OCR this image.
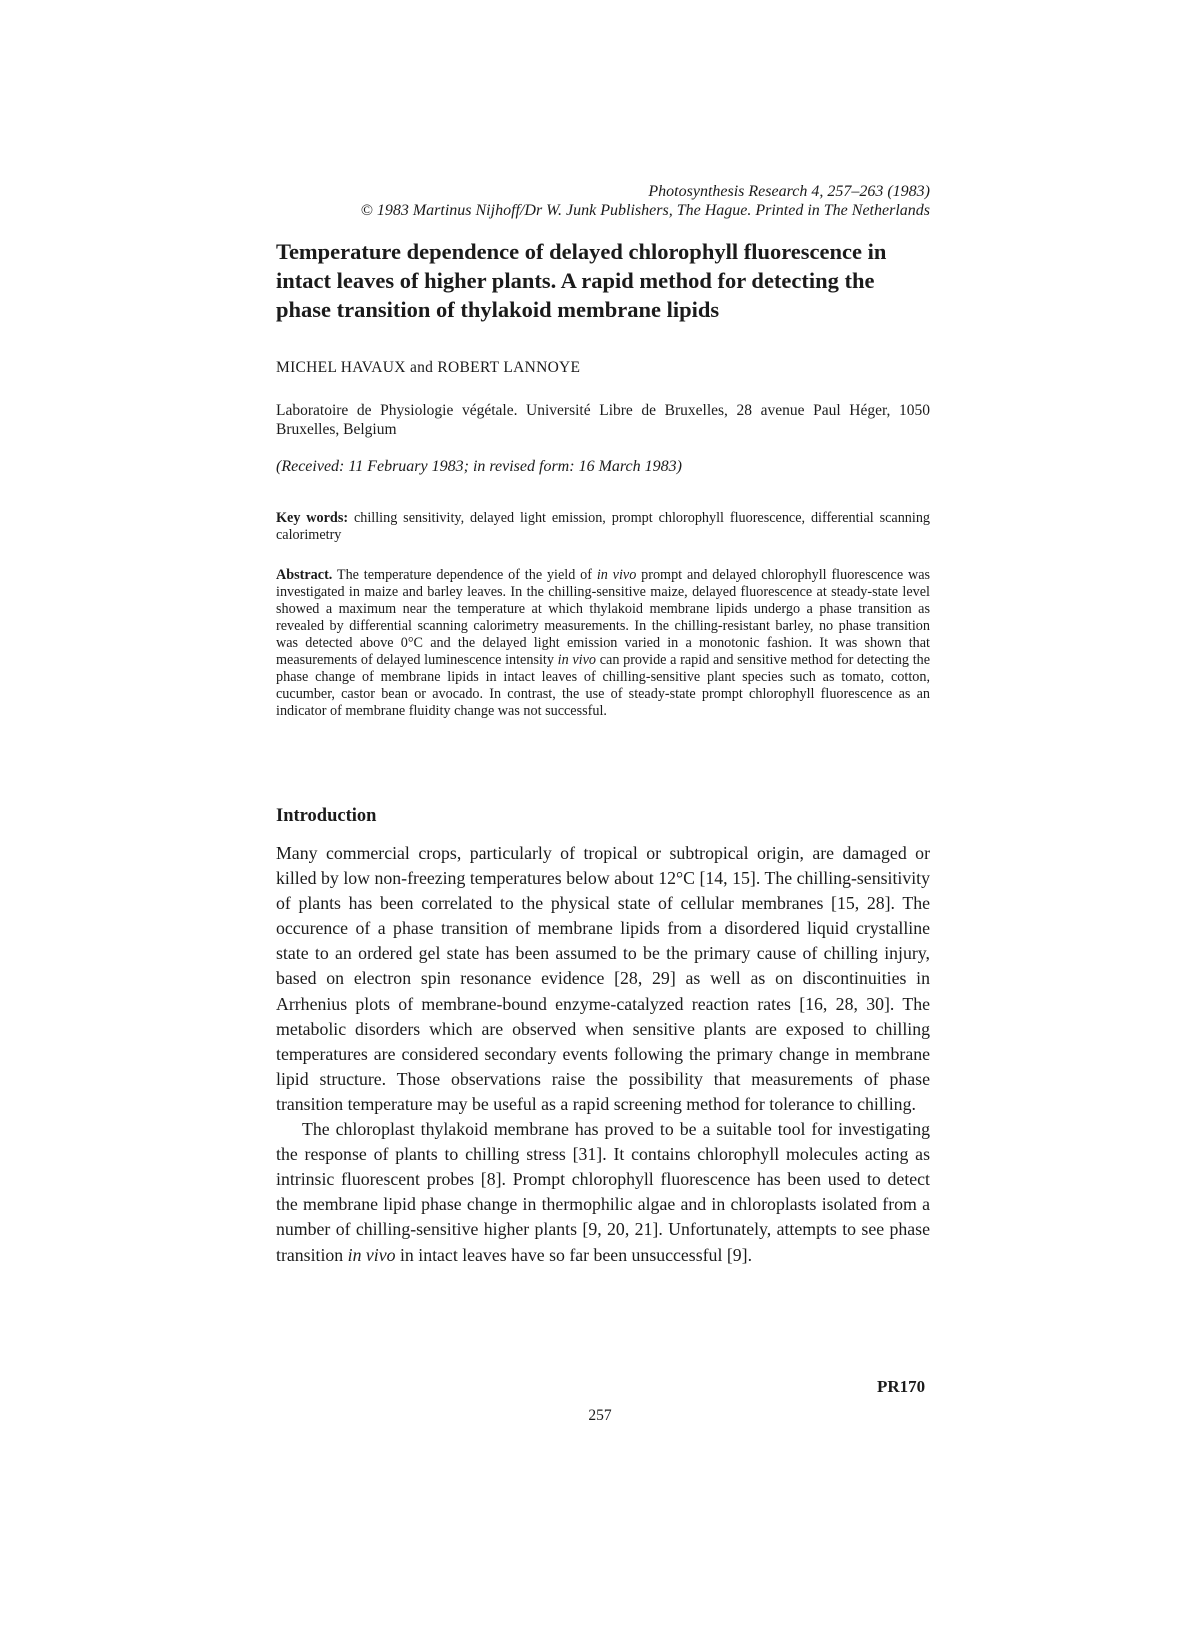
Photosynthesis Research 4, 257–263 (1983)
© 1983 Martinus Nijhoff/Dr W. Junk Publishers, The Hague. Printed in The Netherlands
Temperature dependence of delayed chlorophyll fluorescence in intact leaves of higher plants. A rapid method for detecting the phase transition of thylakoid membrane lipids
MICHEL HAVAUX and ROBERT LANNOYE
Laboratoire de Physiologie végétale. Université Libre de Bruxelles, 28 avenue Paul Héger, 1050 Bruxelles, Belgium
(Received: 11 February 1983; in revised form: 16 March 1983)
Key words: chilling sensitivity, delayed light emission, prompt chlorophyll fluorescence, differential scanning calorimetry
Abstract. The temperature dependence of the yield of in vivo prompt and delayed chlorophyll fluorescence was investigated in maize and barley leaves. In the chilling-sensitive maize, delayed fluorescence at steady-state level showed a maximum near the temperature at which thylakoid membrane lipids undergo a phase transition as revealed by differential scanning calorimetry measurements. In the chilling-resistant barley, no phase transition was detected above 0°C and the delayed light emission varied in a monotonic fashion. It was shown that measurements of delayed luminescence intensity in vivo can provide a rapid and sensitive method for detecting the phase change of membrane lipids in intact leaves of chilling-sensitive plant species such as tomato, cotton, cucumber, castor bean or avocado. In contrast, the use of steady-state prompt chlorophyll fluorescence as an indicator of membrane fluidity change was not successful.
Introduction

Many commercial crops, particularly of tropical or subtropical origin, are damaged or killed by low non-freezing temperatures below about 12°C [14, 15]. The chilling-sensitivity of plants has been correlated to the physical state of cellular membranes [15, 28]. The occurence of a phase transition of membrane lipids from a disordered liquid crystalline state to an ordered gel state has been assumed to be the primary cause of chilling injury, based on electron spin resonance evidence [28, 29] as well as on discontinuities in Arrhenius plots of membrane-bound enzyme-catalyzed reaction rates [16, 28, 30]. The metabolic disorders which are observed when sensitive plants are exposed to chilling temperatures are considered secondary events following the primary change in membrane lipid structure. Those observations raise the possibility that measurements of phase transition temperature may be useful as a rapid screening method for tolerance to chilling.

The chloroplast thylakoid membrane has proved to be a suitable tool for investigating the response of plants to chilling stress [31]. It contains chlorophyll molecules acting as intrinsic fluorescent probes [8]. Prompt chlorophyll fluorescence has been used to detect the membrane lipid phase change in thermophilic algae and in chloroplasts isolated from a number of chilling-sensitive higher plants [9, 20, 21]. Unfortunately, attempts to see phase transition in vivo in intact leaves have so far been unsuccessful [9].

PR170
257
